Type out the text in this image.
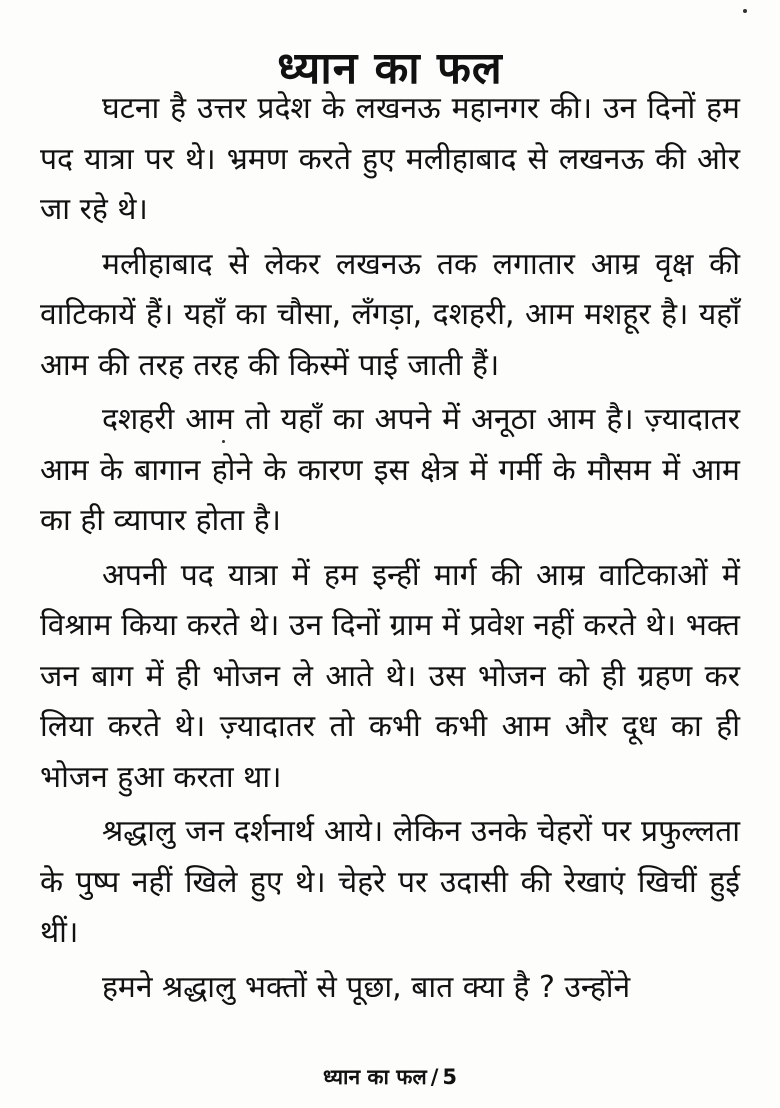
ध्यान का फल

घटना है उत्तर प्रदेश के लखनऊ महानगर की। उन दिनों हम पद यात्रा पर थे। भ्रमण करते हुए मलीहाबाद से लखनऊ की ओर जा रहे थे।

मलीहाबाद से लेकर लखनऊ तक लगातार आम्र वृक्ष की वाटिकायें हैं। यहाँ का चौसा, लँगड़ा, दशहरी, आम मशहूर है। यहाँ आम की तरह तरह की किस्में पाई जाती हैं।

दशहरी आम तो यहाँ का अपने में अनूठा आम है। ज़्यादातर आम के बागान होने के कारण इस क्षेत्र में गर्मी के मौसम में आम का ही व्यापार होता है।

अपनी पद यात्रा में हम इन्हीं मार्ग की आम्र वाटिकाओं में विश्राम किया करते थे। उन दिनों ग्राम में प्रवेश नहीं करते थे। भक्त जन बाग में ही भोजन ले आते थे। उस भोजन को ही ग्रहण कर लिया करते थे। ज़्यादातर तो कभी कभी आम और दूध का ही भोजन हुआ करता था।

श्रद्धालु जन दर्शनार्थ आये। लेकिन उनके चेहरों पर प्रफुल्लता के पुष्प नहीं खिले हुए थे। चेहरे पर उदासी की रेखाएं खिचीं हुई थीं।

हमने श्रद्धालु भक्तों से पूछा, बात क्या है ? उन्होंने

ध्यान का फल / 5
